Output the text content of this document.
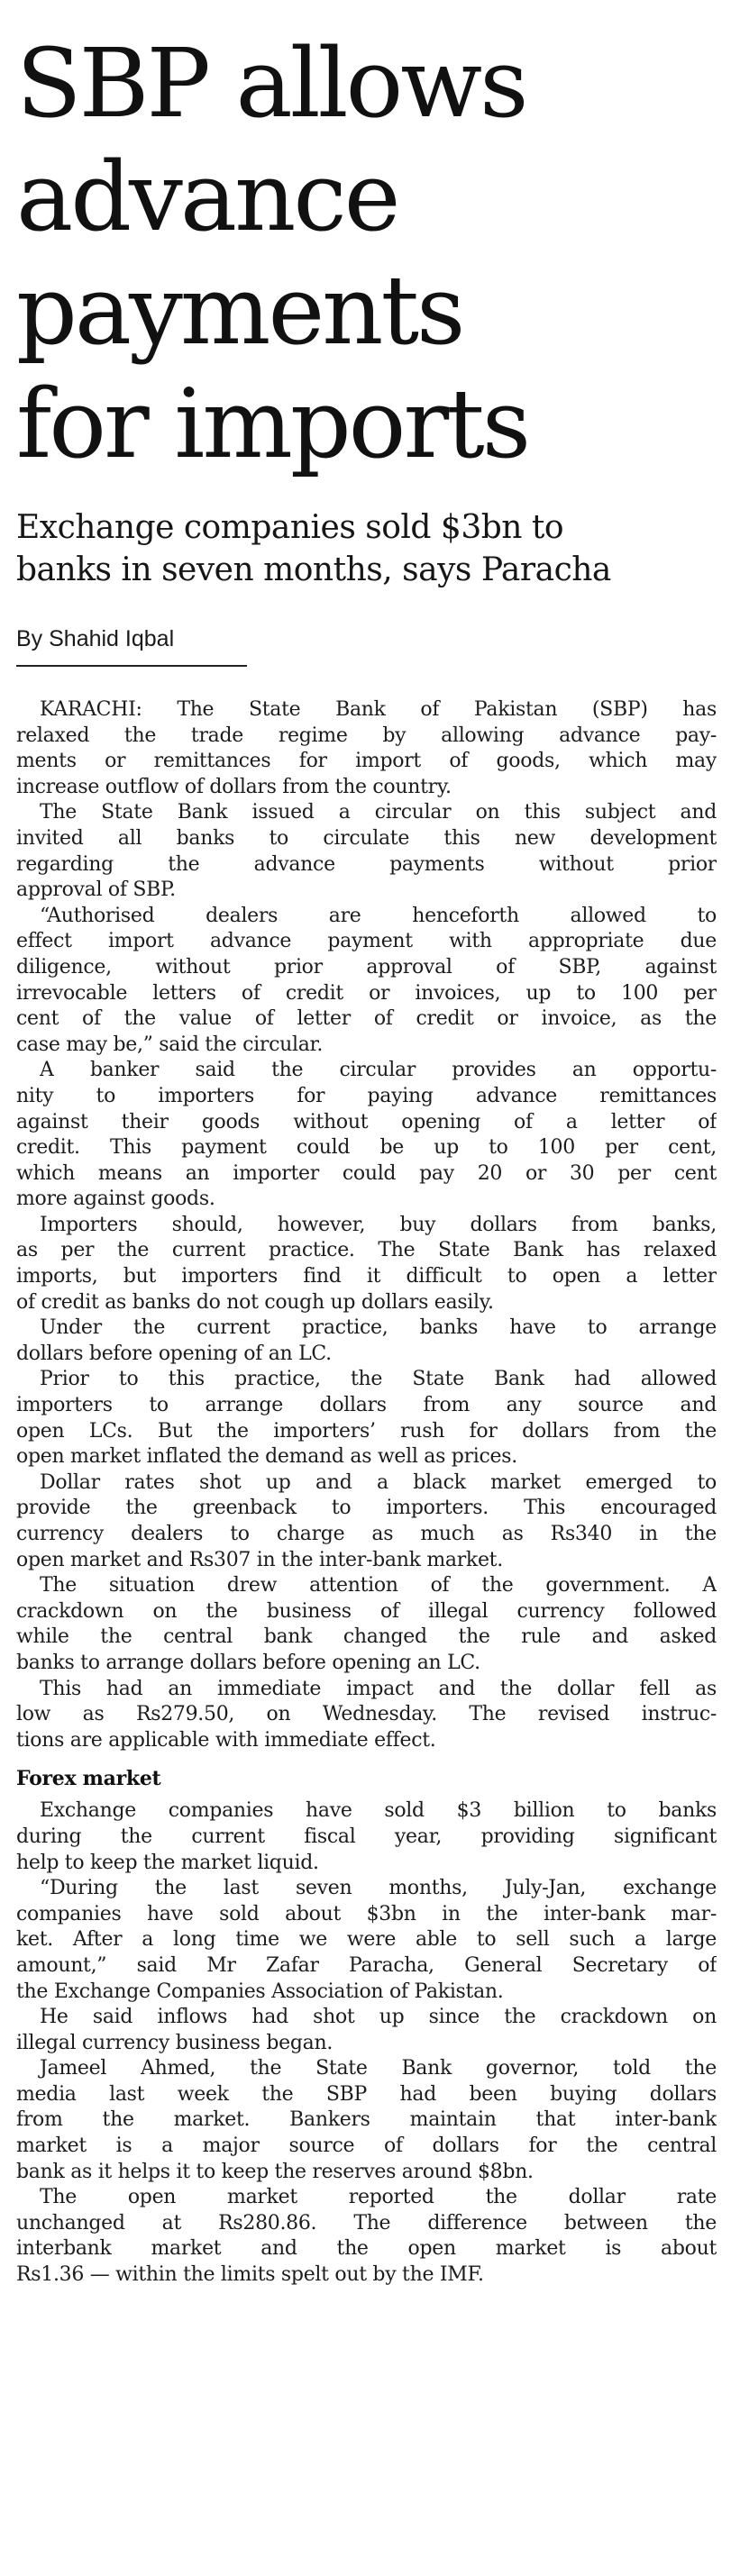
SBP allows
advance
payments
for imports
Exchange companies sold $3bn to
banks in seven months, says Paracha
By Shahid Iqbal
KARACHI: The State Bank of Pakistan (SBP) has
relaxed the trade regime by allowing advance pay-
ments or remittances for import of goods, which may
increase outflow of dollars from the country.
The State Bank issued a circular on this subject and
invited all banks to circulate this new development
regarding the advance payments without prior
approval of SBP.
“Authorised dealers are henceforth allowed to
effect import advance payment with appropriate due
diligence, without prior approval of SBP, against
irrevocable letters of credit or invoices, up to 100 per
cent of the value of letter of credit or invoice, as the
case may be,” said the circular.
A banker said the circular provides an opportu-
nity to importers for paying advance remittances
against their goods without opening of a letter of
credit. This payment could be up to 100 per cent,
which means an importer could pay 20 or 30 per cent
more against goods.
Importers should, however, buy dollars from banks,
as per the current practice. The State Bank has relaxed
imports, but importers find it difficult to open a letter
of credit as banks do not cough up dollars easily.
Under the current practice, banks have to arrange
dollars before opening of an LC.
Prior to this practice, the State Bank had allowed
importers to arrange dollars from any source and
open LCs. But the importers’ rush for dollars from the
open market inflated the demand as well as prices.
Dollar rates shot up and a black market emerged to
provide the greenback to importers. This encouraged
currency dealers to charge as much as Rs340 in the
open market and Rs307 in the inter-bank market.
The situation drew attention of the government. A
crackdown on the business of illegal currency followed
while the central bank changed the rule and asked
banks to arrange dollars before opening an LC.
This had an immediate impact and the dollar fell as
low as Rs279.50, on Wednesday. The revised instruc-
tions are applicable with immediate effect.
Forex market
Exchange companies have sold $3 billion to banks
during the current fiscal year, providing significant
help to keep the market liquid.
“During the last seven months, July-Jan, exchange
companies have sold about $3bn in the inter-bank mar-
ket. After a long time we were able to sell such a large
amount,” said Mr Zafar Paracha, General Secretary of
the Exchange Companies Association of Pakistan.
He said inflows had shot up since the crackdown on
illegal currency business began.
Jameel Ahmed, the State Bank governor, told the
media last week the SBP had been buying dollars
from the market. Bankers maintain that inter-bank
market is a major source of dollars for the central
bank as it helps it to keep the reserves around $8bn.
The open market reported the dollar rate
unchanged at Rs280.86. The difference between the
interbank market and the open market is about
Rs1.36 — within the limits spelt out by the IMF.
